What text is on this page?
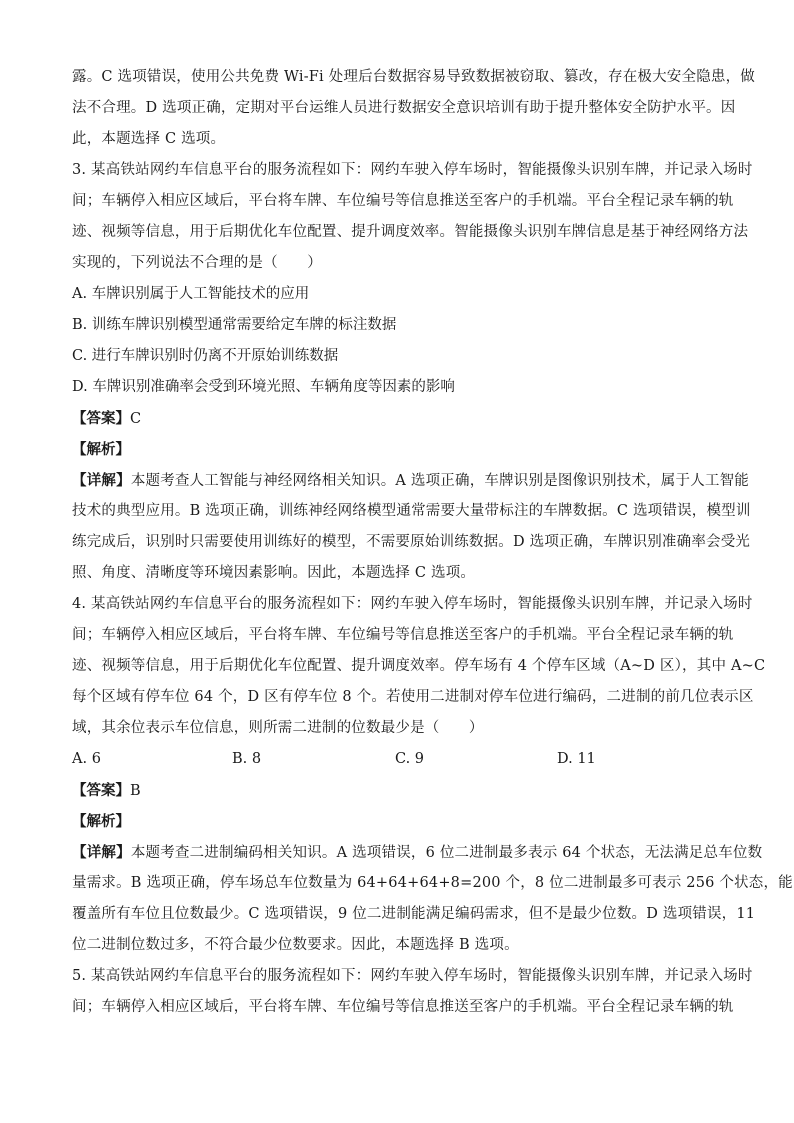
露。C 选项错误，使用公共免费 Wi-Fi 处理后台数据容易导致数据被窃取、篡改，存在极大安全隐患，做
法不合理。D 选项正确，定期对平台运维人员进行数据安全意识培训有助于提升整体安全防护水平。因
此，本题选择 C 选项。
3. 某高铁站网约车信息平台的服务流程如下：网约车驶入停车场时，智能摄像头识别车牌，并记录入场时
间；车辆停入相应区域后，平台将车牌、车位编号等信息推送至客户的手机端。平台全程记录车辆的轨
迹、视频等信息，用于后期优化车位配置、提升调度效率。智能摄像头识别车牌信息是基于神经网络方法
实现的，下列说法不合理的是（　　）
A. 车牌识别属于人工智能技术的应用
B. 训练车牌识别模型通常需要给定车牌的标注数据
C. 进行车牌识别时仍离不开原始训练数据
D. 车牌识别准确率会受到环境光照、车辆角度等因素的影响
【答案】C
【解析】
【详解】本题考查人工智能与神经网络相关知识。A 选项正确，车牌识别是图像识别技术，属于人工智能
技术的典型应用。B 选项正确，训练神经网络模型通常需要大量带标注的车牌数据。C 选项错误，模型训
练完成后，识别时只需要使用训练好的模型，不需要原始训练数据。D 选项正确，车牌识别准确率会受光
照、角度、清晰度等环境因素影响。因此，本题选择 C 选项。
4. 某高铁站网约车信息平台的服务流程如下：网约车驶入停车场时，智能摄像头识别车牌，并记录入场时
间；车辆停入相应区域后，平台将车牌、车位编号等信息推送至客户的手机端。平台全程记录车辆的轨
迹、视频等信息，用于后期优化车位配置、提升调度效率。停车场有 4 个停车区域（A~D 区），其中 A~C
每个区域有停车位 64 个，D 区有停车位 8 个。若使用二进制对停车位进行编码，二进制的前几位表示区
域，其余位表示车位信息，则所需二进制的位数最少是（　　）
A. 6	B. 8	C. 9	D. 11
【答案】B
【解析】
【详解】本题考查二进制编码相关知识。A 选项错误，6 位二进制最多表示 64 个状态，无法满足总车位数
量需求。B 选项正确，停车场总车位数量为 64+64+64+8=200 个，8 位二进制最多可表示 256 个状态，能
覆盖所有车位且位数最少。C 选项错误，9 位二进制能满足编码需求，但不是最少位数。D 选项错误，11
位二进制位数过多，不符合最少位数要求。因此，本题选择 B 选项。
5. 某高铁站网约车信息平台的服务流程如下：网约车驶入停车场时，智能摄像头识别车牌，并记录入场时
间；车辆停入相应区域后，平台将车牌、车位编号等信息推送至客户的手机端。平台全程记录车辆的轨
